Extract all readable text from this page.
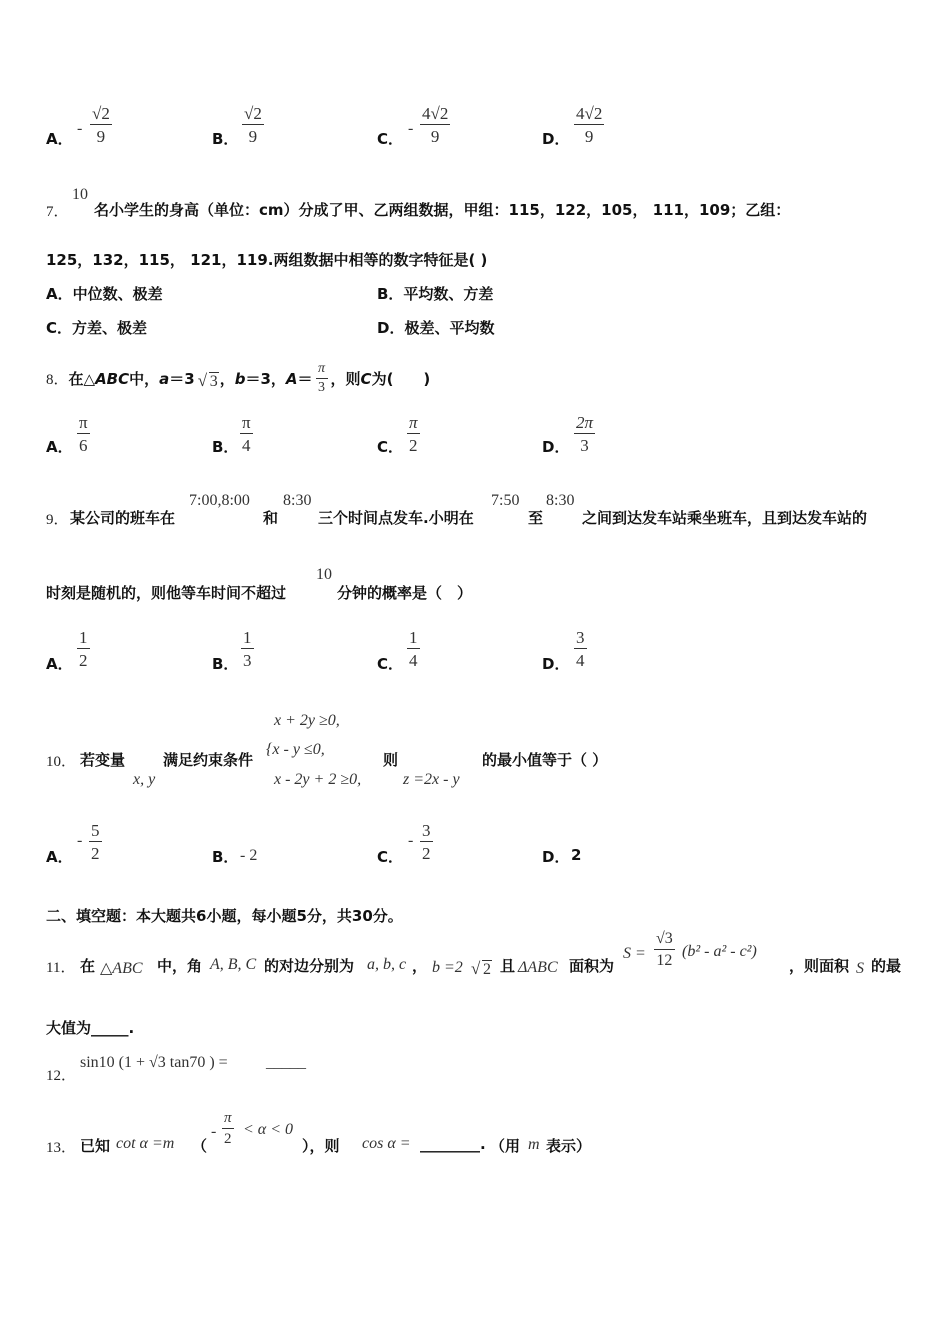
A．
-
√2
9	B．
√2
9	C．
-
4√2
9	D．
4√2
9
7．
10
名小学生的身高（单位：cm）分成了甲、乙两组数据，甲组：115，122，105， 111，109；乙组：
125，132，115， 121，119.两组数据中相等的数字特征是( )
A．中位数、极差	B．平均数、方差
C．方差、极差	D．极差、平均数
8． 在△ ABC 中， a ＝3 √ 3 ， b ＝3， A ＝
π
3 ，则 C 为(　　)
A．
π
6	B．
π
4	C．
π
2	D．
2π
3
9． 某公司的班车在
7:00,8:00
和
8:30
三个时间点发车.小明在
7:50
至
8:30
之间到达发车站乘坐班车，且到达发车站的
时刻是随机的，则他等车时间不超过
10
分钟的概率是（　）
A．
1
2	B．
1
3	C．
1
4	D．
3
4
10． 若变量
x, y
满足约束条件
x + 2y ≥0,
{x - y ≤0,
x - 2y + 2 ≥0,
则
z =2x - y
的最小值等于（ ）
A．
-
5
2	B． - 2	C．
-
3
2	D． 2
二、填空题：本大题共6小题，每小题5分，共30分。
11． 在 △ABC 中，角 A, B, C 的对边分别为 a, b, c ， b =2 √ 2 且 ΔABC 面积为
S =
√3
12
(b² - a² - c²)
，则面积 S 的最
大值为_____.
12．
sin10 (1 + √3 tan70 ) = _____
13． 已知 cot α =m （
-
π
2
< α < 0
），则 cos α = ________. （用 m 表示）
